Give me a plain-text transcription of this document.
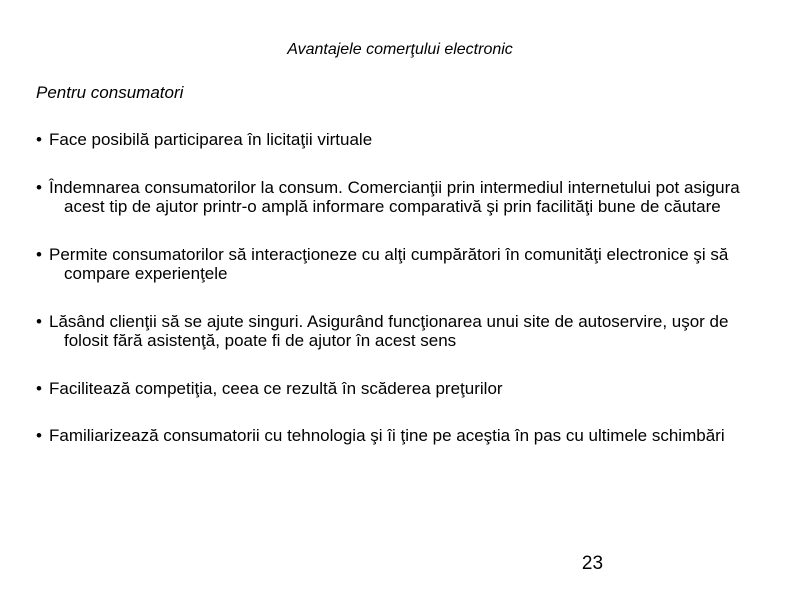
Avantajele comerţului electronic
Pentru consumatori
• Face posibilă participarea în licitaţii virtuale
• Îndemnarea consumatorilor la consum. Comercianţii prin intermediul internetului pot asigura acest tip de ajutor printr-o amplă informare comparativă şi prin facilităţi bune de căutare
• Permite consumatorilor să interacţioneze cu alţi cumpărători în comunităţi electronice şi să compare experienţele
• Lăsând clienţii să se ajute singuri. Asigurând funcţionarea unui site de autoservire, uşor de folosit fără asistenţă, poate fi de ajutor în acest sens
• Facilitează competiţia, ceea ce rezultă în scăderea preţurilor
• Familiarizează consumatorii cu tehnologia şi îi ţine pe aceştia în pas cu ultimele schimbări
23
